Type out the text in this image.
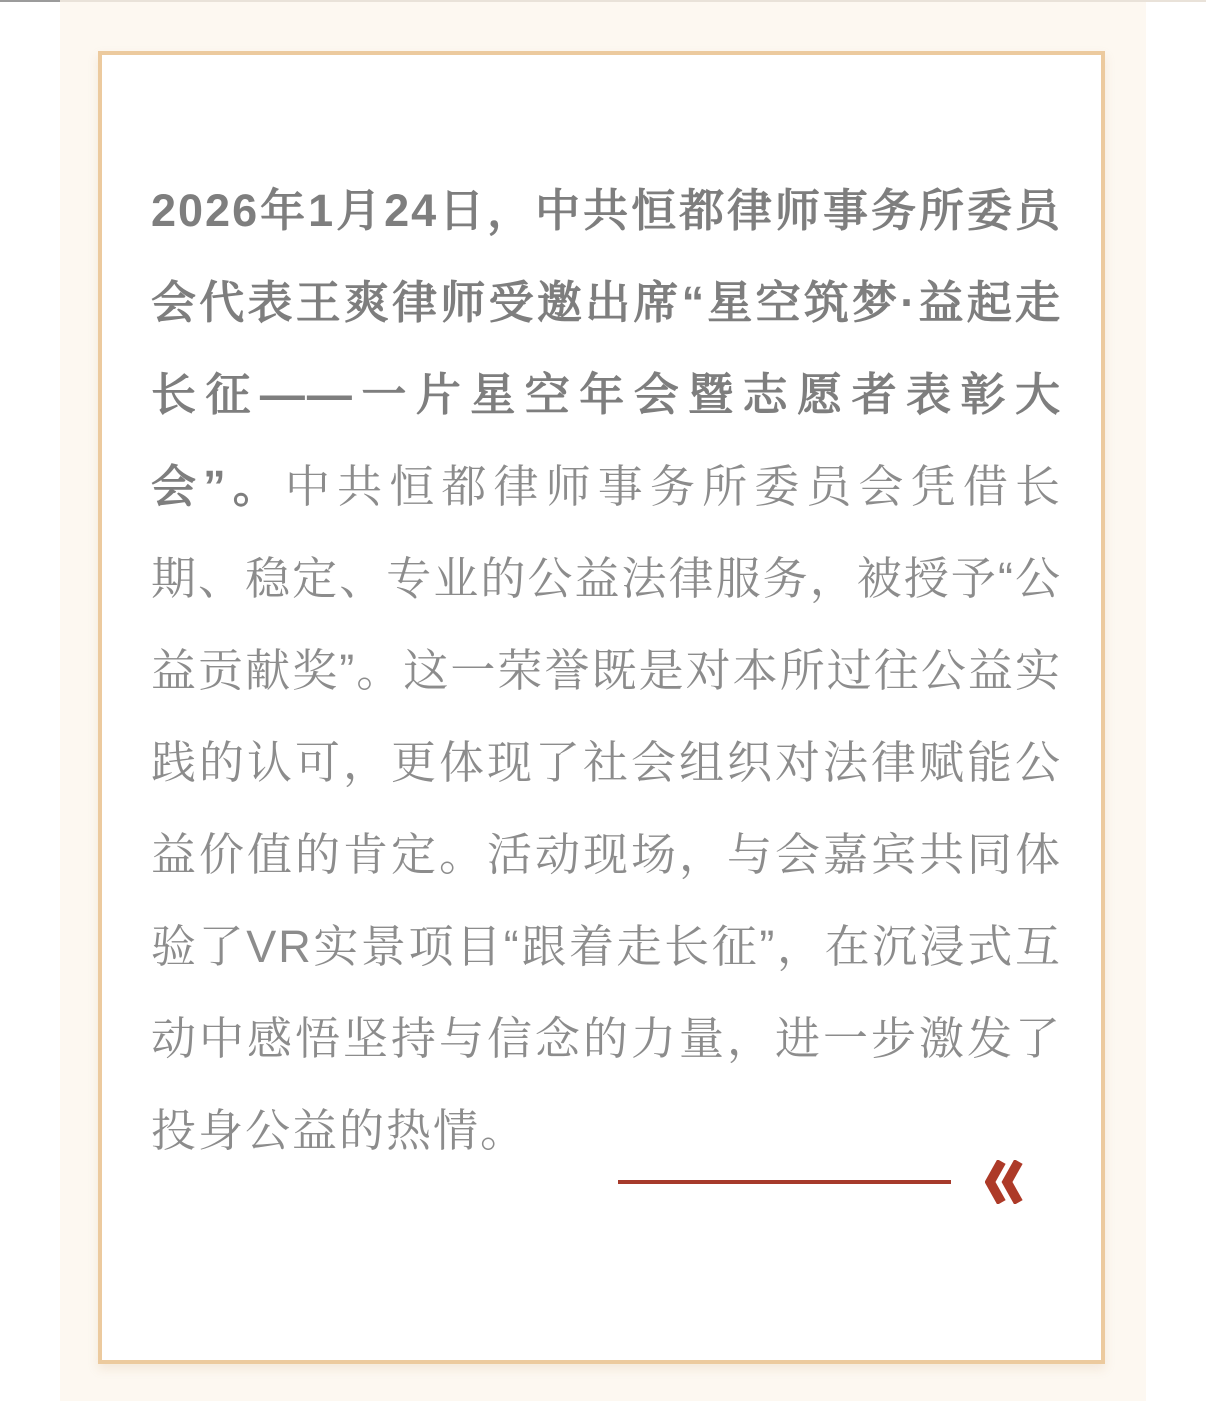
2026年1月24日，中共恒都律师事务所委员会代表王爽律师受邀出席“星空筑梦·益起走长征——一片星空年会暨志愿者表彰大会”。中共恒都律师事务所委员会凭借长期、稳定、专业的公益法律服务，被授予“公益贡献奖”。这一荣誉既是对本所过往公益实践的认可，更体现了社会组织对法律赋能公益价值的肯定。活动现场，与会嘉宾共同体验了VR实景项目“跟着走长征”，在沉浸式互动中感悟坚持与信念的力量，进一步激发了投身公益的热情。
